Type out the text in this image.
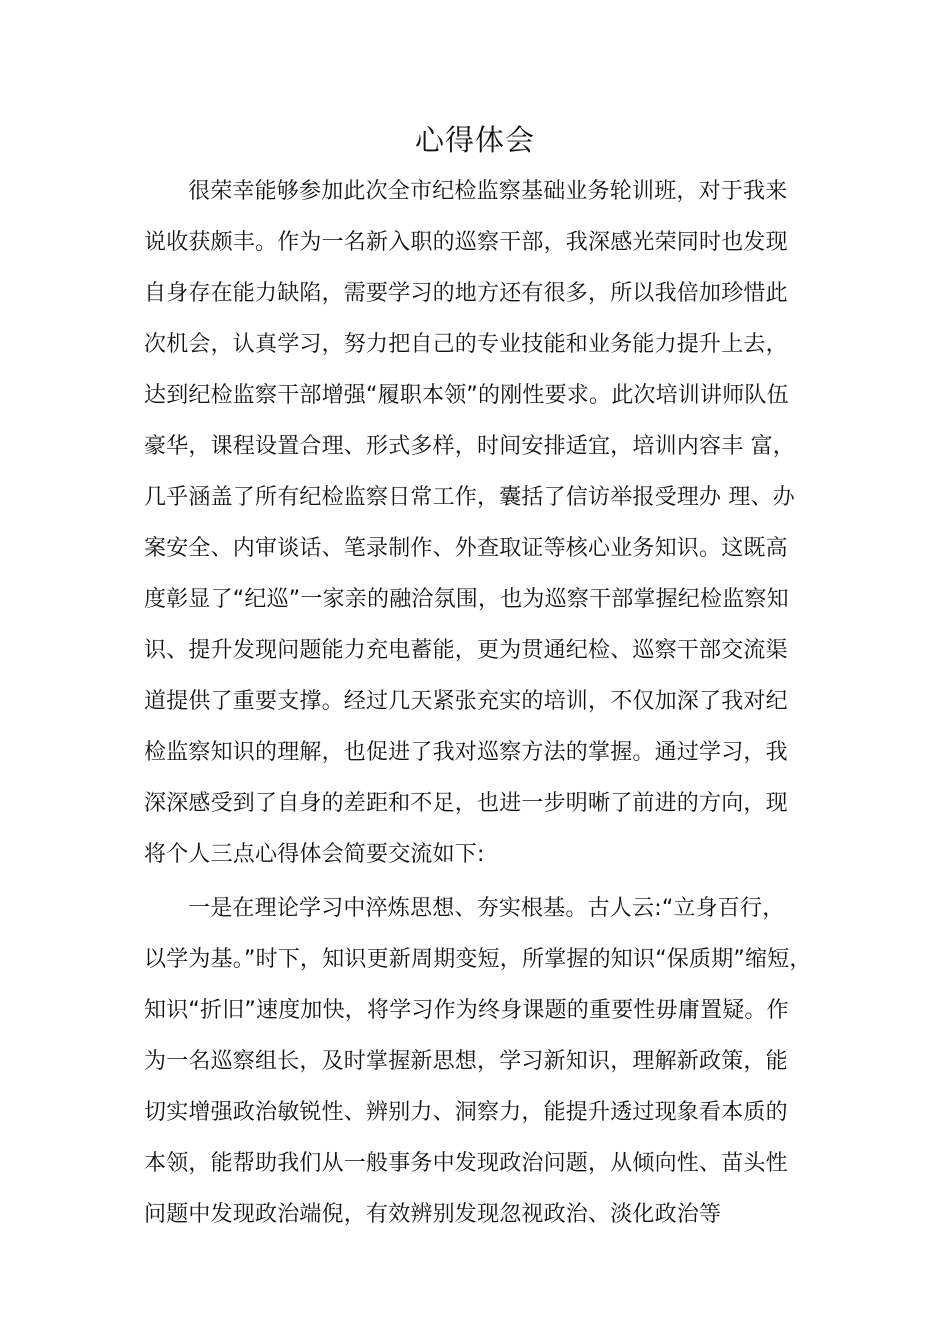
心得体会
很荣幸能够参加此次全市纪检监察基础业务轮训班，对于我来
说收获颇丰。作为一名新入职的巡察干部，我深感光荣同时也发现
自身存在能力缺陷，需要学习的地方还有很多，所以我倍加珍惜此
次机会，认真学习，努力把自己的专业技能和业务能力提升上去，
达到纪检监察干部增强“履职本领”的刚性要求。此次培训讲师队伍
豪华，课程设置合理、形式多样，时间安排适宜，培训内容丰 富，
几乎涵盖了所有纪检监察日常工作，囊括了信访举报受理办 理、办
案安全、内审谈话、笔录制作、外查取证等核心业务知识。这既高
度彰显了“纪巡”一家亲的融洽氛围，也为巡察干部掌握纪检监察知
识、提升发现问题能力充电蓄能，更为贯通纪检、巡察干部交流渠
道提供了重要支撑。经过几天紧张充实的培训，不仅加深了我对纪
检监察知识的理解，也促进了我对巡察方法的掌握。通过学习，我
深深感受到了自身的差距和不足，也进一步明晰了前进的方向，现
将个人三点心得体会简要交流如下:
一是在理论学习中淬炼思想、夯实根基。古人云:“立身百行，
以学为基。”时下，知识更新周期变短，所掌握的知识“保质期”缩短，
知识“折旧”速度加快，将学习作为终身课题的重要性毋庸置疑。作
为一名巡察组长，及时掌握新思想，学习新知识，理解新政策，能
切实增强政治敏锐性、辨别力、洞察力，能提升透过现象看本质的
本领，能帮助我们从一般事务中发现政治问题，从倾向性、苗头性
问题中发现政治端倪，有效辨别发现忽视政治、淡化政治等
